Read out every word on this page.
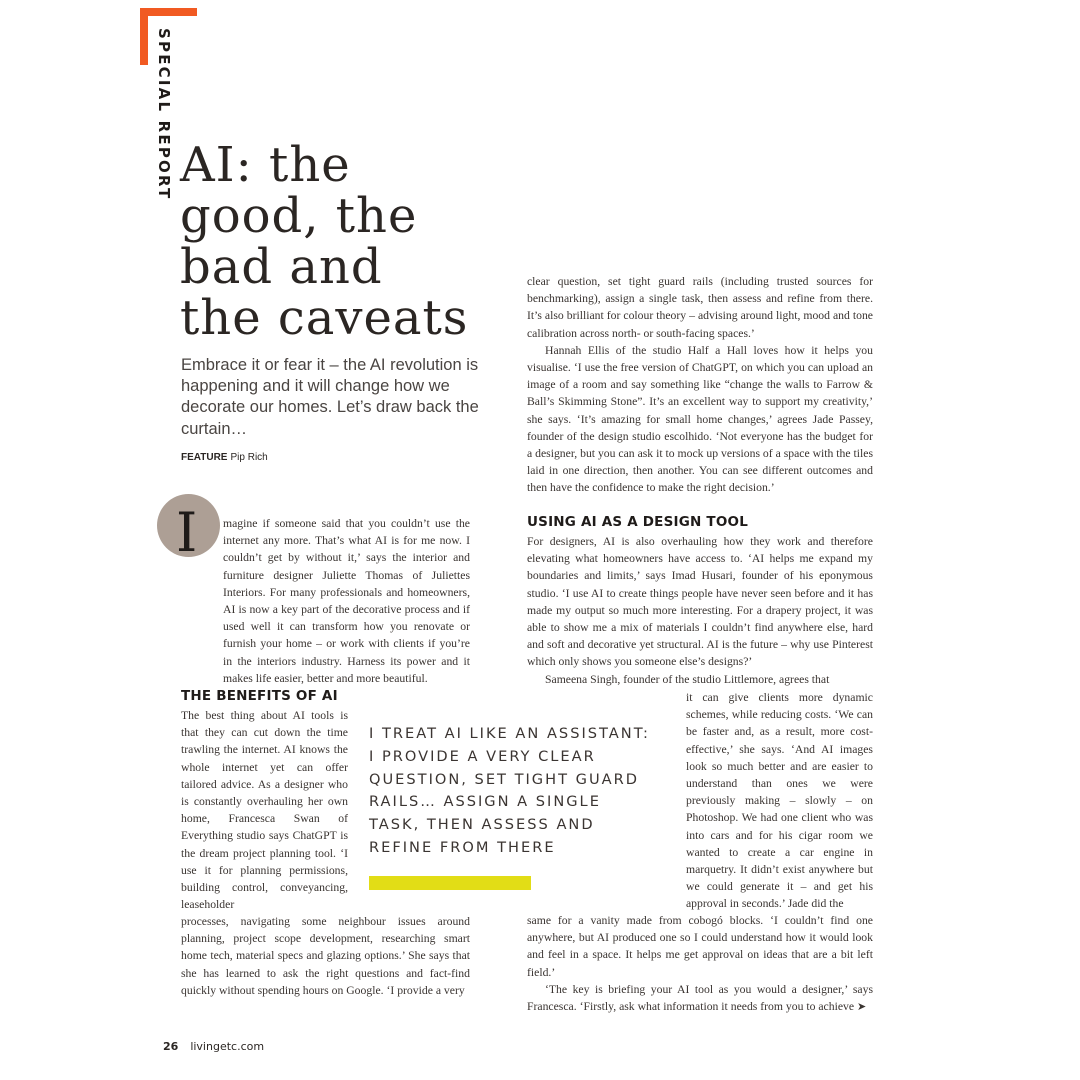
SPECIAL REPORT AI: the
good, the
bad and
the caveats

Embrace it or fear it – the AI revolution is happening and it will change how we decorate our homes. Let’s draw back the curtain…

FEATURE Pip Rich
I	magine if someone said that you couldn’t use the internet any more. That’s what AI is for me now. I couldn’t get by without it,’ says the interior and furniture designer Juliette Thomas of Juliettes Interiors. For many professionals and homeowners, AI is now a key part of the decorative process and if used well it can transform how you renovate or furnish your home – or work with clients if you’re in the interiors industry. Harness its power and it makes life easier, better and more beautiful.

THE BENEFITS OF AI

The best thing about AI tools is that they can cut down the time trawling the internet. AI knows the whole internet yet can offer tailored advice. As a designer who is constantly overhauling her own home, Francesca Swan of Everything studio says ChatGPT is the dream project planning tool. ‘I use it for planning permissions, building control, conveyancing, leaseholder

processes, navigating some neighbour issues around planning, project scope development, researching smart home tech, material specs and glazing options.’ She says that she has learned to ask the right questions and fact-find quickly without spending hours on Google. ‘I provide a very

I TREAT AI LIKE AN ASSISTANT:
I PROVIDE A VERY CLEAR
QUESTION, SET TIGHT GUARD
RAILS… ASSIGN A SINGLE
TASK, THEN ASSESS AND
REFINE FROM THERE

clear question, set tight guard rails (including trusted sources for benchmarking), assign a single task, then assess and refine from there. It’s also brilliant for colour theory – advising around light, mood and tone calibration across north- or south-facing spaces.’

Hannah Ellis of the studio Half a Hall loves how it helps you visualise. ‘I use the free version of ChatGPT, on which you can upload an image of a room and say something like “change the walls to Farrow & Ball’s Skimming Stone”. It’s an excellent way to support my creativity,’ she says. ‘It’s amazing for small home changes,’ agrees Jade Passey, founder of the design studio escolhido. ‘Not everyone has the budget for a designer, but you can ask it to mock up versions of a space with the tiles laid in one direction, then another. You can see different outcomes and then have the confidence to make the right decision.’

USING AI AS A DESIGN TOOL

For designers, AI is also overhauling how they work and therefore elevating what homeowners have access to. ‘AI helps me expand my boundaries and limits,’ says Imad Husari, founder of his eponymous studio. ‘I use AI to create things people have never seen before and it has made my output so much more interesting. For a drapery project, it was able to show me a mix of materials I couldn’t find anywhere else, hard and soft and decorative yet structural. AI is the future – why use Pinterest which only shows you someone else’s designs?’

Sameena Singh, founder of the studio Littlemore, agrees that

it can give clients more dynamic schemes, while reducing costs. ‘We can be faster and, as a result, more cost-effective,’ she says. ‘And AI images look so much better and are easier to understand than ones we were previously making – slowly – on Photoshop. We had one client who was into cars and for his cigar room we wanted to create a car engine in marquetry. It didn’t exist anywhere but we could generate it – and get his approval in seconds.’ Jade did the

same for a vanity made from cobogó blocks. ‘I couldn’t find one anywhere, but AI produced one so I could understand how it would look and feel in a space. It helps me get approval on ideas that are a bit left field.’

‘The key is briefing your AI tool as you would a designer,’ says Francesca. ‘Firstly, ask what information it needs from you to achieve ➤

26 livingetc.com
